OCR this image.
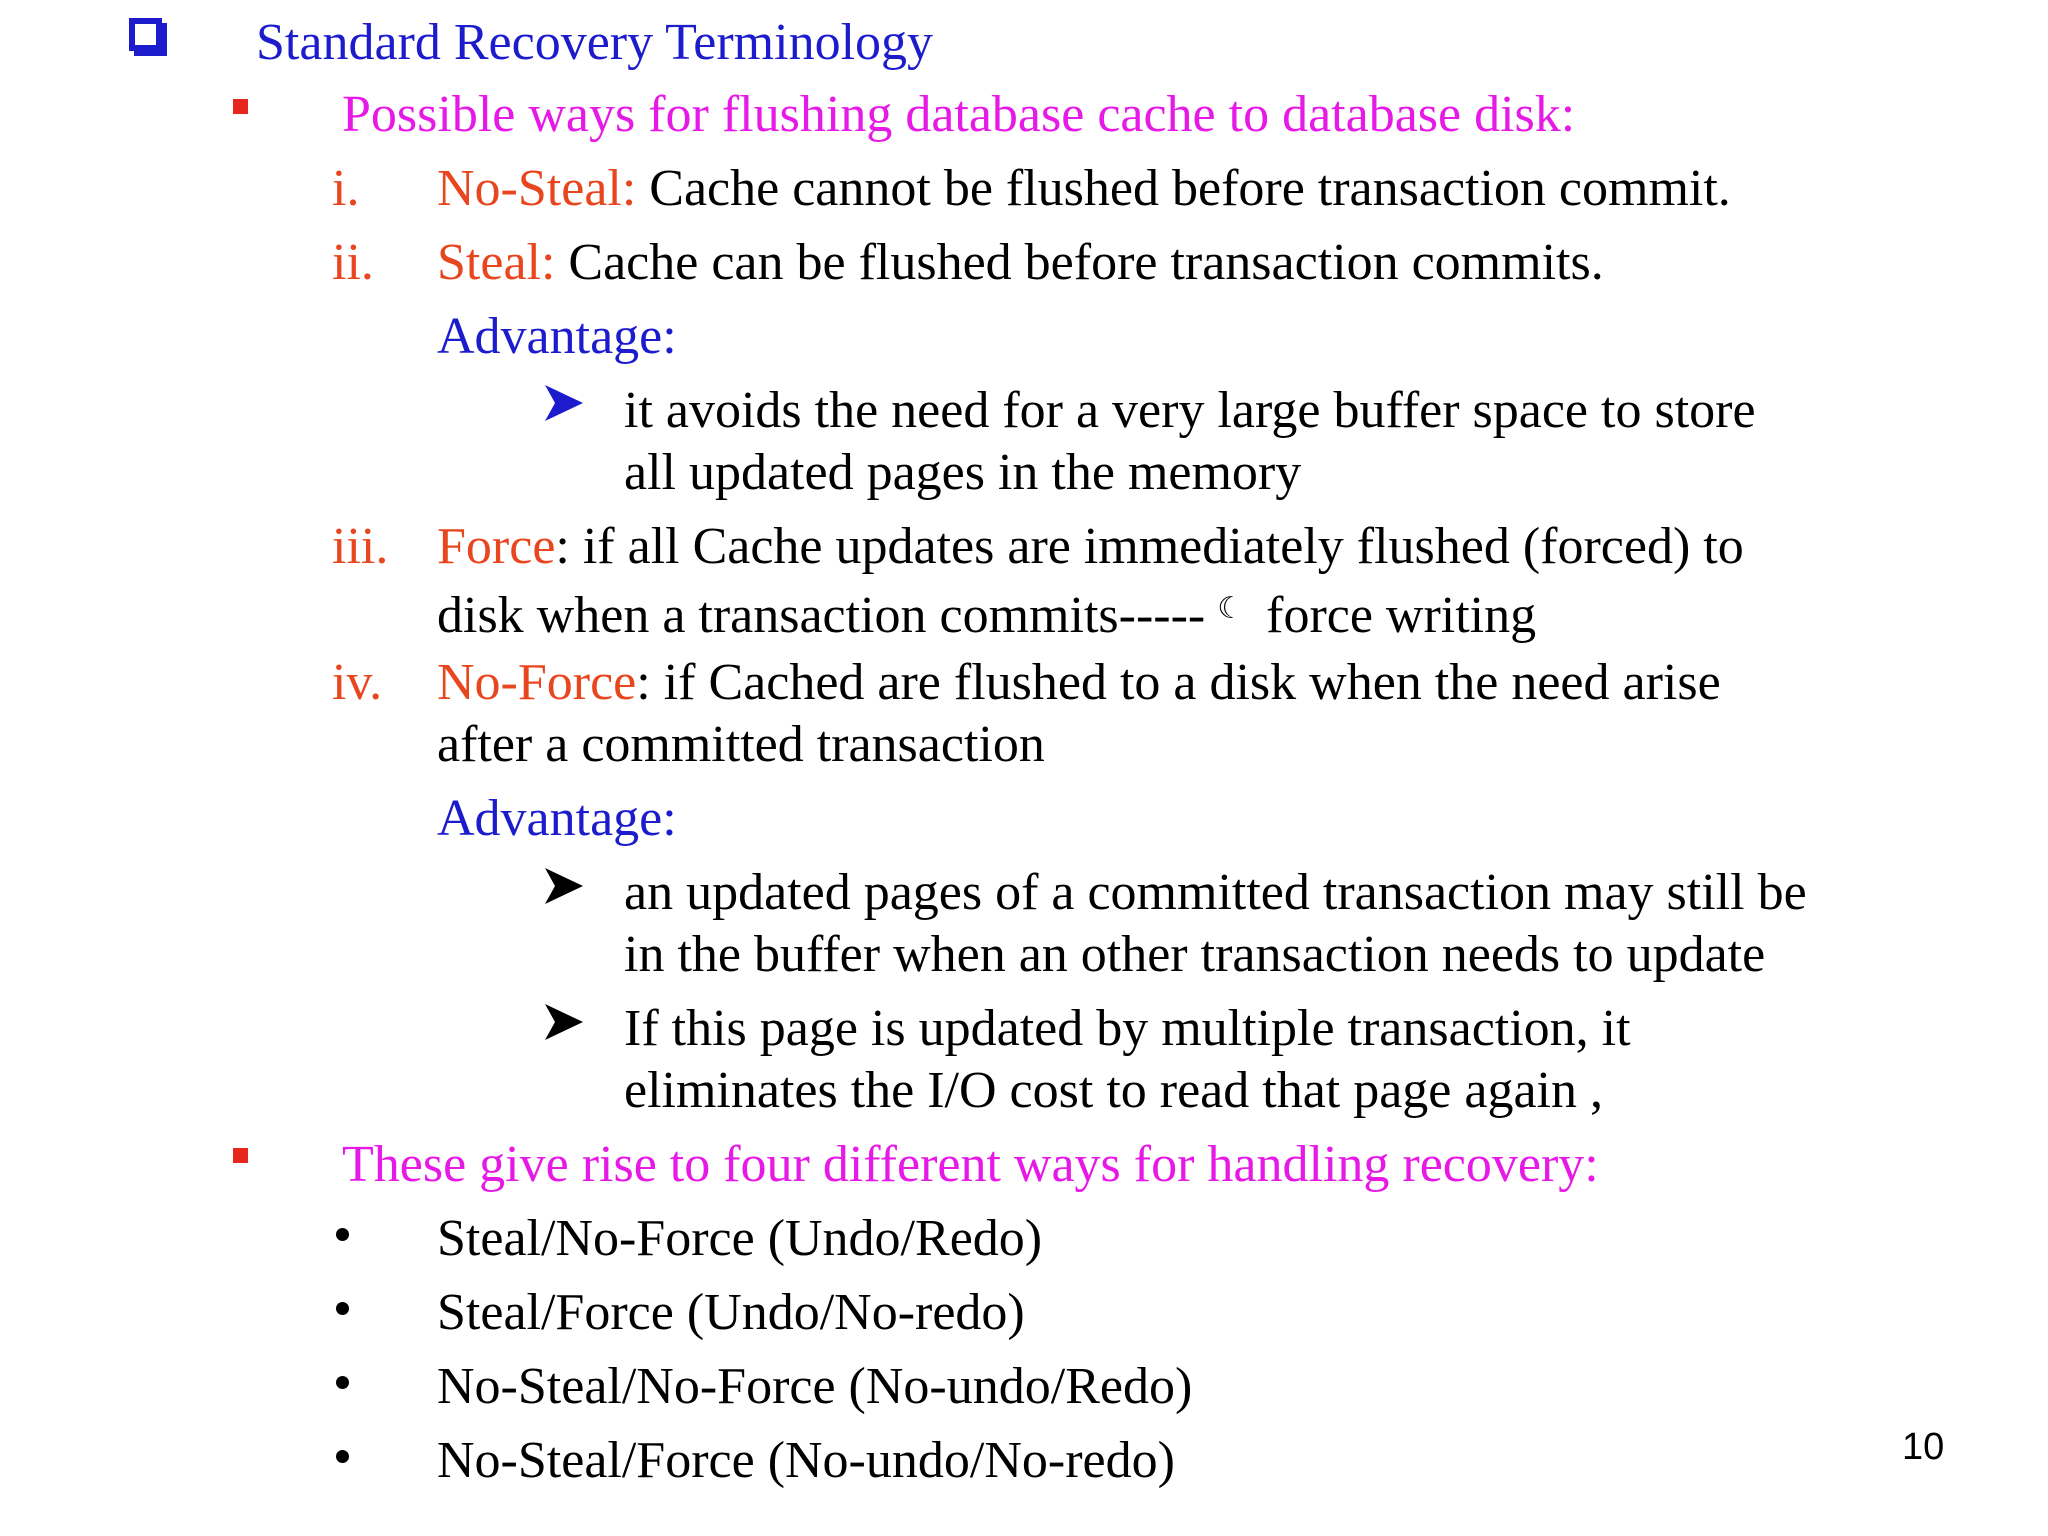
Standard Recovery Terminology

Possible ways for flushing database cache to database disk:

i. No-Steal: Cache cannot be flushed before transaction commit.

ii. Steal: Cache can be flushed before transaction commits.

Advantage:

it avoids the need for a very large buffer space to store

all updated pages in the memory

iii. Force: if all Cache updates are immediately flushed (forced) to

disk when a transaction commits----- ☾ force writing

iv. No-Force: if Cached are flushed to a disk when the need arise

after a committed transaction

Advantage:

an updated pages of a committed transaction may still be

in the buffer when an other transaction needs to update

If this page is updated by multiple transaction, it

eliminates the I/O cost to read that page again ,

These give rise to four different ways for handling recovery:

Steal/No-Force (Undo/Redo)

Steal/Force (Undo/No-redo)

No-Steal/No-Force (No-undo/Redo)

No-Steal/Force (No-undo/No-redo)	10
